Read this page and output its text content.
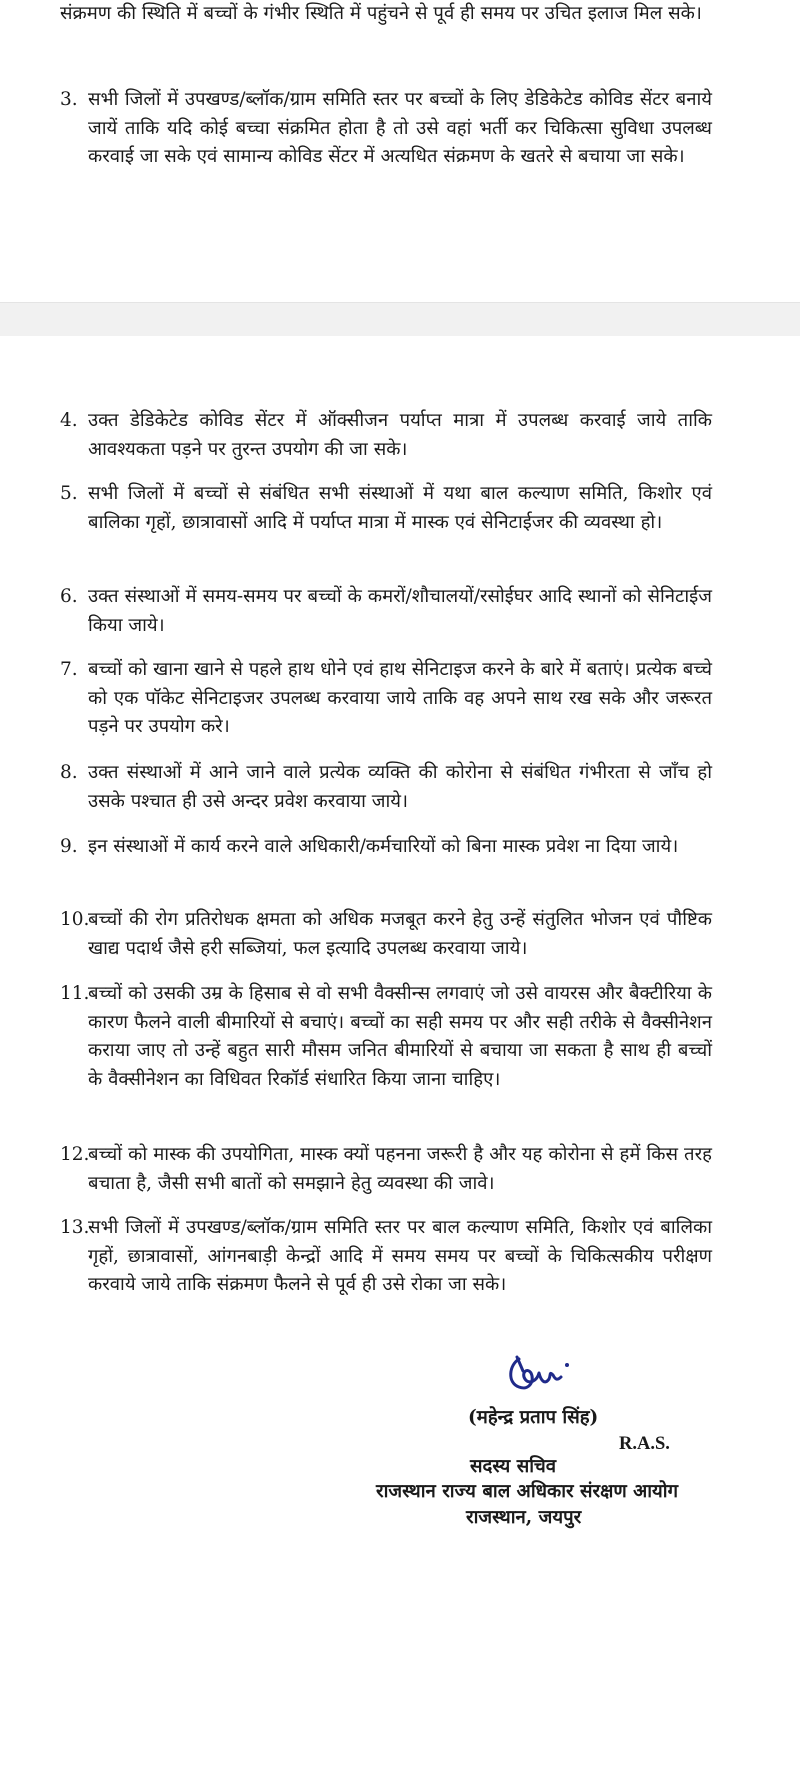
संक्रमण की स्थिति में बच्चों के गंभीर स्थिति में पहुंचने से पूर्व ही समय पर उचित इलाज मिल सके।
3. सभी जिलों में उपखण्ड/ब्लॉक/ग्राम समिति स्तर पर बच्चों के लिए डेडिकेटेड कोविड सेंटर बनाये जायें ताकि यदि कोई बच्चा संक्रमित होता है तो उसे वहां भर्ती कर चिकित्सा सुविधा उपलब्ध करवाई जा सके एवं सामान्य कोविड सेंटर में अत्यधित संक्रमण के खतरे से बचाया जा सके।
4. उक्त डेडिकेटेड कोविड सेंटर में ऑक्सीजन पर्याप्त मात्रा में उपलब्ध करवाई जाये ताकि आवश्यकता पड़ने पर तुरन्त उपयोग की जा सके।
5. सभी जिलों में बच्चों से संबंधित सभी संस्थाओं में यथा बाल कल्याण समिति, किशोर एवं बालिका गृहों, छात्रावासों आदि में पर्याप्त मात्रा में मास्क एवं सेनिटाईजर की व्यवस्था हो।
6. उक्त संस्थाओं में समय-समय पर बच्चों के कमरों/शौचालयों/रसोईघर आदि स्थानों को सेनिटाईज किया जाये।
7. बच्चों को खाना खाने से पहले हाथ धोने एवं हाथ सेनिटाइज करने के बारे में बताएं। प्रत्येक बच्चे को एक पॉकेट सेनिटाइजर उपलब्ध करवाया जाये ताकि वह अपने साथ रख सके और जरूरत पड़ने पर उपयोग करे।
8. उक्त संस्थाओं में आने जाने वाले प्रत्येक व्यक्ति की कोरोना से संबंधित गंभीरता से जाँच हो उसके पश्चात ही उसे अन्दर प्रवेश करवाया जाये।
9. इन संस्थाओं में कार्य करने वाले अधिकारी/कर्मचारियों को बिना मास्क प्रवेश ना दिया जाये।
10.
बच्चों की रोग प्रतिरोधक क्षमता को अधिक मजबूत करने हेतु उन्हें संतुलित भोजन एवं पौष्टिक खाद्य पदार्थ जैसे हरी सब्जियां, फल इत्यादि उपलब्ध करवाया जाये।
11.
बच्चों को उसकी उम्र के हिसाब से वो सभी वैक्सीन्स लगवाएं जो उसे वायरस और बैक्टीरिया के कारण फैलने वाली बीमारियों से बचाएं। बच्चों का सही समय पर और सही तरीके से वैक्सीनेशन कराया जाए तो उन्हें बहुत सारी मौसम जनित बीमारियों से बचाया जा सकता है साथ ही बच्चों के वैक्सीनेशन का विधिवत रिकॉर्ड संधारित किया जाना चाहिए।
12.
बच्चों को मास्क की उपयोगिता, मास्क क्यों पहनना जरूरी है और यह कोरोना से हमें किस तरह बचाता है, जैसी सभी बातों को समझाने हेतु व्यवस्था की जावे।
13.
सभी जिलों में उपखण्ड/ब्लॉक/ग्राम समिति स्तर पर बाल कल्याण समिति, किशोर एवं बालिका गृहों, छात्रावासों, आंगनबाड़ी केन्द्रों आदि में समय समय पर बच्चों के चिकित्सकीय परीक्षण करवाये जाये ताकि संक्रमण फैलने से पूर्व ही उसे रोका जा सके।
(महेन्द्र प्रताप सिंह)
R.A.S.
सदस्य सचिव
राजस्थान राज्य बाल अधिकार संरक्षण आयोग
राजस्थान, जयपुर
